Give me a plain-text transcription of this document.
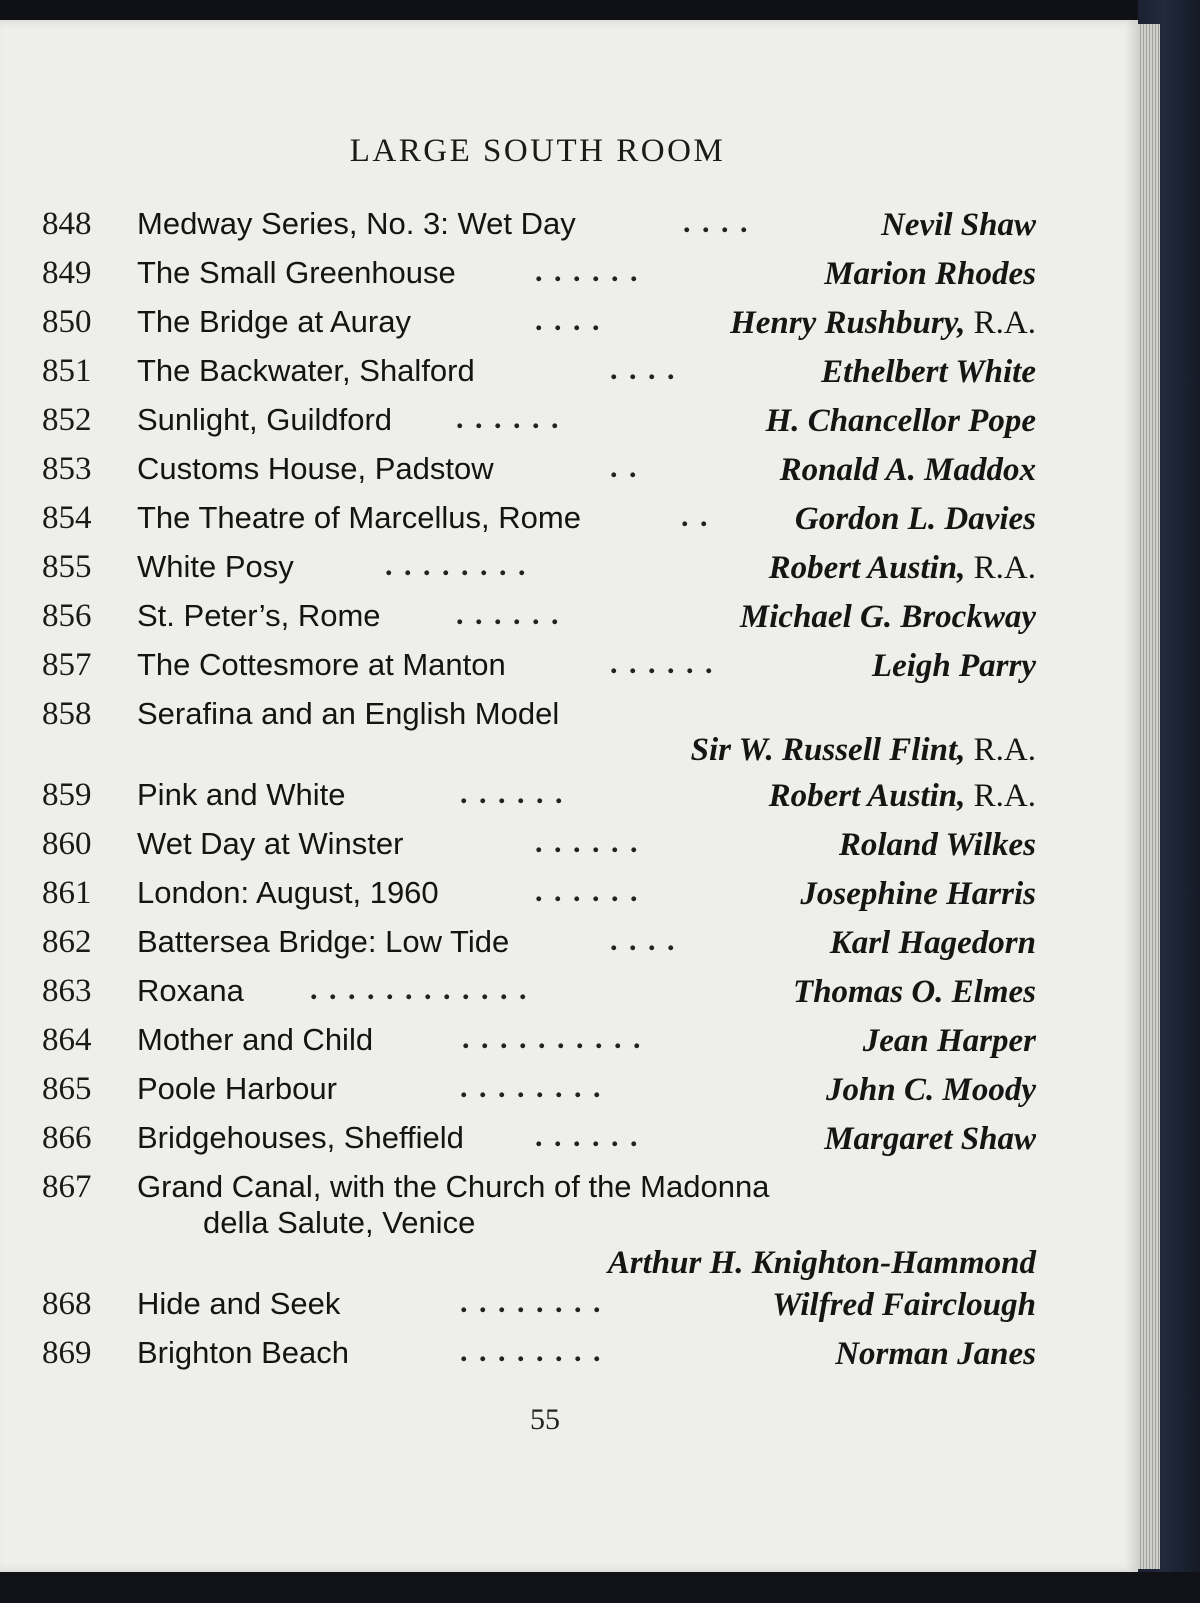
LARGE SOUTH ROOM
848	Medway Series, No. 3: Wet Day	. . . .	Nevil Shaw
849	The Small Greenhouse	. . . . . .	Marion Rhodes
850	The Bridge at Auray	. . . .	Henry Rushbury, R.A.
851	The Backwater, Shalford	. . . .	Ethelbert White
852	Sunlight, Guildford . . . . . .	H. Chancellor Pope
853	Customs House, Padstow	. .	Ronald A. Maddox
854	The Theatre of Marcellus, Rome	. .	Gordon L. Davies
855	White Posy	. . . . . . . .	Robert Austin, R.A.
856	St. Peter’s, Rome	. . . . . .	Michael G. Brockway
857	The Cottesmore at Manton	. . . . . .	Leigh Parry
858	Serafina and an English Model
Sir W. Russell Flint, R.A.
859	Pink and White	. . . . . .	Robert Austin, R.A.
860	Wet Day at Winster	. . . . . .	Roland Wilkes
861	London: August, 1960	. . . . . .	Josephine Harris
862	Battersea Bridge: Low Tide	. . . .	Karl Hagedorn
863	Roxana . . . . . . . . . . . .	Thomas O. Elmes
864	Mother and Child	. . . . . . . . . .	Jean Harper
865	Poole Harbour	. . . . . . . .	John C. Moody
866	Bridgehouses, Sheffield . . . . . .	Margaret Shaw
867	Grand Canal, with the Church of the Madonna
della Salute, Venice
Arthur H. Knighton-Hammond
868	Hide and Seek	. . . . . . . .	Wilfred Fairclough
869	Brighton Beach	. . . . . . . .	Norman Janes
55
